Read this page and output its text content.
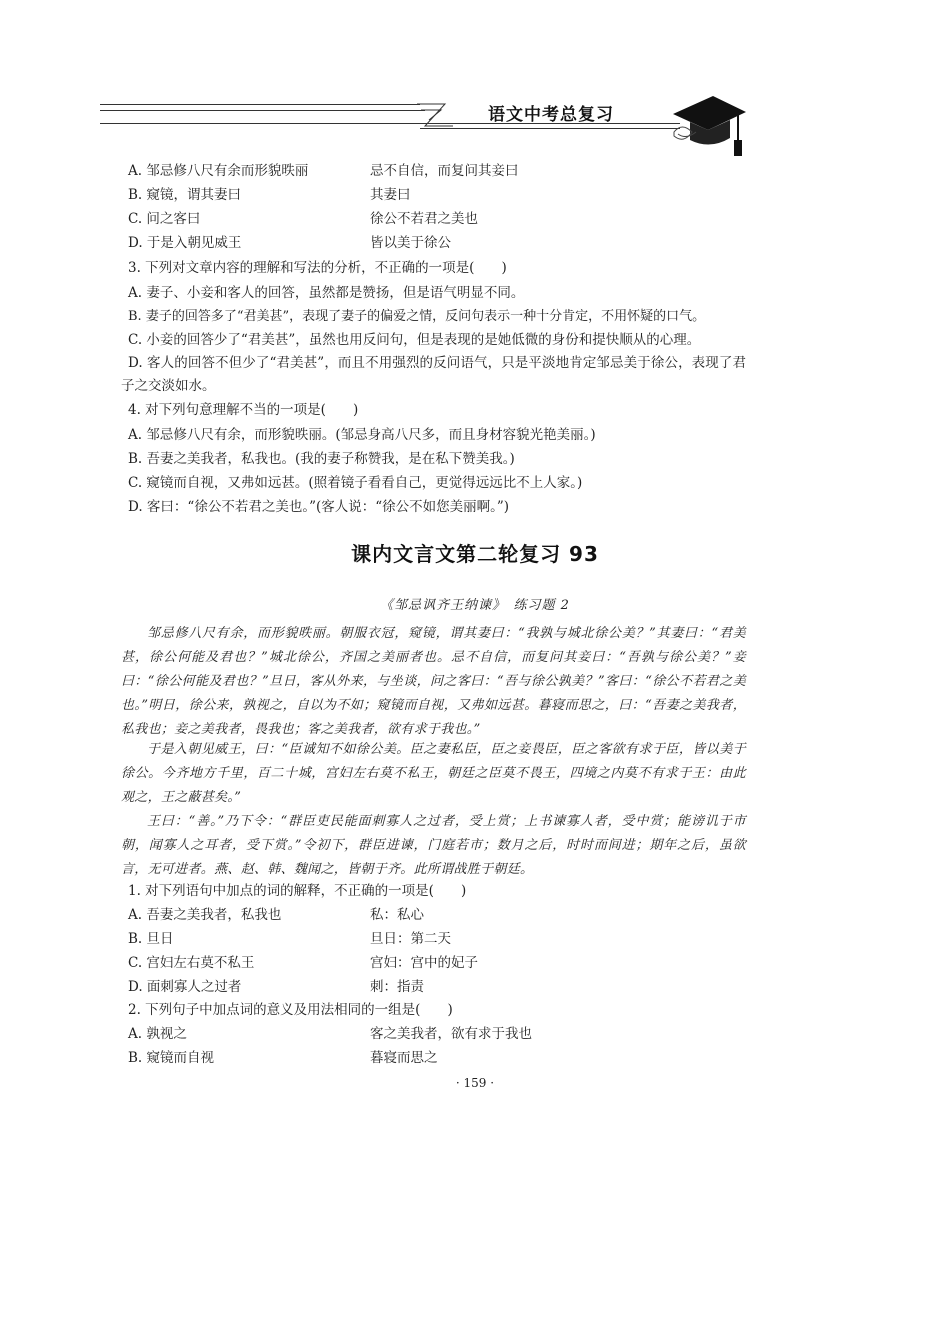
语文中考总复习
A. 邹忌修八尺有余而形貌昳丽	忌不自信，而复问其妾曰
B. 窥镜，谓其妻曰	其妻曰
C. 问之客曰	徐公不若君之美也
D. 于是入朝见威王	皆以美于徐公
3. 下列对文章内容的理解和写法的分析，不正确的一项是(　　)
A. 妻子、小妾和客人的回答，虽然都是赞扬，但是语气明显不同。
B. 妻子的回答多了“君美甚”，表现了妻子的偏爱之情，反问句表示一种十分肯定，不用怀疑的口气。
C. 小妾的回答少了“君美甚”，虽然也用反问句，但是表现的是她低微的身份和提快顺从的心理。
D. 客人的回答不但少了“君美甚”，而且不用强烈的反问语气，只是平淡地肯定邹忌美于徐公，表现了君子之交淡如水。
4. 对下列句意理解不当的一项是(　　)
A. 邹忌修八尺有余，而形貌昳丽。(邹忌身高八尺多，而且身材容貌光艳美丽。)
B. 吾妻之美我者，私我也。(我的妻子称赞我，是在私下赞美我。)
C. 窥镜而自视，又弗如远甚。(照着镜子看看自己，更觉得远远比不上人家。)
D. 客曰：“徐公不若君之美也。”(客人说：“徐公不如您美丽啊。”)
课内文言文第二轮复习 93
《邹忌讽齐王纳谏》　练习题 2
邹忌修八尺有余，而形貌昳丽。朝服衣冠，窥镜，谓其妻曰：“我孰与城北徐公美？”其妻曰：“君美甚，徐公何能及君也？”城北徐公，齐国之美丽者也。忌不自信，而复问其妾曰：“吾孰与徐公美？”妾曰：“徐公何能及君也？”旦日，客从外来，与坐谈，问之客曰：“吾与徐公孰美？”客曰：“徐公不若君之美也。”明日，徐公来，孰视之，自以为不如；窥镜而自视，又弗如远甚。暮寝而思之，曰：“吾妻之美我者，私我也；妾之美我者，畏我也；客之美我者，欲有求于我也。”
于是入朝见威王，曰：“臣诚知不如徐公美。臣之妻私臣，臣之妾畏臣，臣之客欲有求于臣，皆以美于徐公。今齐地方千里，百二十城，宫妇左右莫不私王，朝廷之臣莫不畏王，四境之内莫不有求于王：由此观之，王之蔽甚矣。”
王曰：“善。”乃下令：“群臣吏民能面刺寡人之过者，受上赏；上书谏寡人者，受中赏；能谤讥于市朝，闻寡人之耳者，受下赏。”令初下，群臣进谏，门庭若市；数月之后，时时而间进；期年之后，虽欲言，无可进者。燕、赵、韩、魏闻之，皆朝于齐。此所谓战胜于朝廷。
1. 对下列语句中加点的词的解释，不正确的一项是(　　)
A. 吾妻之美我者，私我也	私：私心
B. 旦日	旦日：第二天
C. 宫妇左右莫不私王	宫妇：宫中的妃子
D. 面刺寡人之过者	刺：指责
2. 下列句子中加点词的意义及用法相同的一组是(　　)
A. 孰视之	客之美我者，欲有求于我也
B. 窥镜而自视	暮寝而思之
· 159 ·
